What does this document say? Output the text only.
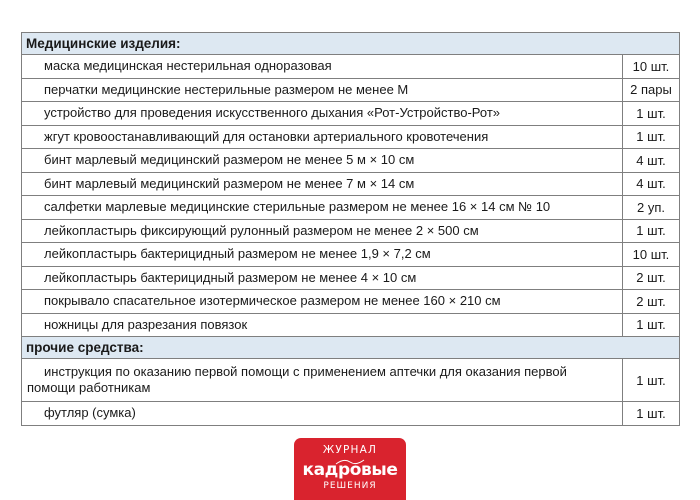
Медицинские изделия:	
маска медицинская нестерильная одноразовая	10 шт.
перчатки медицинские нестерильные размером не менее M	2 пары
устройство для проведения искусственного дыхания «Рот-Устройство-Рот»	1 шт.
жгут кровоостанавливающий для остановки артериального кровотечения	1 шт.
бинт марлевый медицинский размером не менее 5 м × 10 см	4 шт.
бинт марлевый медицинский размером не менее 7 м × 14 см	4 шт.
салфетки марлевые медицинские стерильные размером не менее 16 × 14 см № 10	2 уп.
лейкопластырь фиксирующий рулонный размером не менее 2 × 500 см	1 шт.
лейкопластырь бактерицидный размером не менее 1,9 × 7,2 см	10 шт.
лейкопластырь бактерицидный размером не менее 4 × 10 см	2 шт.
покрывало спасательное изотермическое размером не менее 160 × 210 см	2 шт.
ножницы для разрезания повязок	1 шт.
прочие средства:	
инструкция по оказанию первой помощи с применением аптечки для оказания первой помощи работникам	1 шт.
футляр (сумка)	1 шт.
ЖУРНАЛ
кадровые
РЕШЕНИЯ
